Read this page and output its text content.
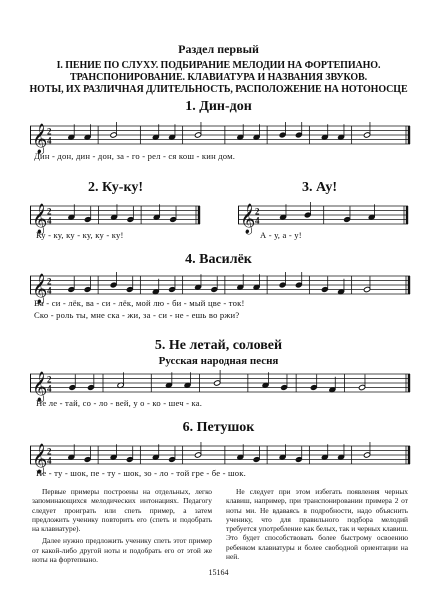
Раздел первый
I. ПЕНИЕ ПО СЛУХУ. ПОДБИРАНИЕ МЕЛОДИИ НА ФОРТЕПИАНО.
ТРАНСПОНИРОВАНИЕ. КЛАВИАТУРА И НАЗВАНИЯ ЗВУКОВ.
НОТЫ, ИХ РАЗЛИЧНАЯ ДЛИТЕЛЬНОСТЬ, РАСПОЛОЖЕНИЕ НА НОТОНОСЦЕ
1. Дин-дон
𝄞 2
4
Дин - дон, дин - дон, за - го - рел - ся кош - кин дом.
2. Ку-ку!	3. Ау!
𝄞 2
4	𝄞 2
4
Ку - ку, ку - ку, ку - ку!	А - у, а - у!
4. Василёк
𝄞 2
4
Ва - си - лёк, ва - си - лёк, мой лю - би - мый цве - ток!
Ско - роль ты, мне ска - жи, за - си - не - ешь во ржи?
5. Не летай, соловей
Русская народная песня
𝄞 2
4
Не ле - тай, со - ло - вей, у о - ко - шеч - ка.
6. Петушок
𝄞 2
4
Пе - ту - шок, пе - ту - шок, зо - ло - той гре - бе - шок.

Первые примеры построены на отдельных, легко запоминающихся мелодических интонациях. Педагогу следует проиграть или спеть пример, а затем предложить ученику повторить его (спеть и подобрать на клавиатуре).

Далее нужно предложить ученику спеть этот пример от какой-либо другой ноты и подобрать его от этой же ноты на фортепиано.

Не следует при этом избегать появления черных клавиш, например, при транспонировании примера 2 от ноты ми. Не вдаваясь в подробности, надо объяснить ученику, что для правильного подбора мелодий требуется употребление как белых, так и черных клавиш. Это будет способствовать более быстрому освоению ребенком клавиатуры и более свободной ориентации на ней.

15164
